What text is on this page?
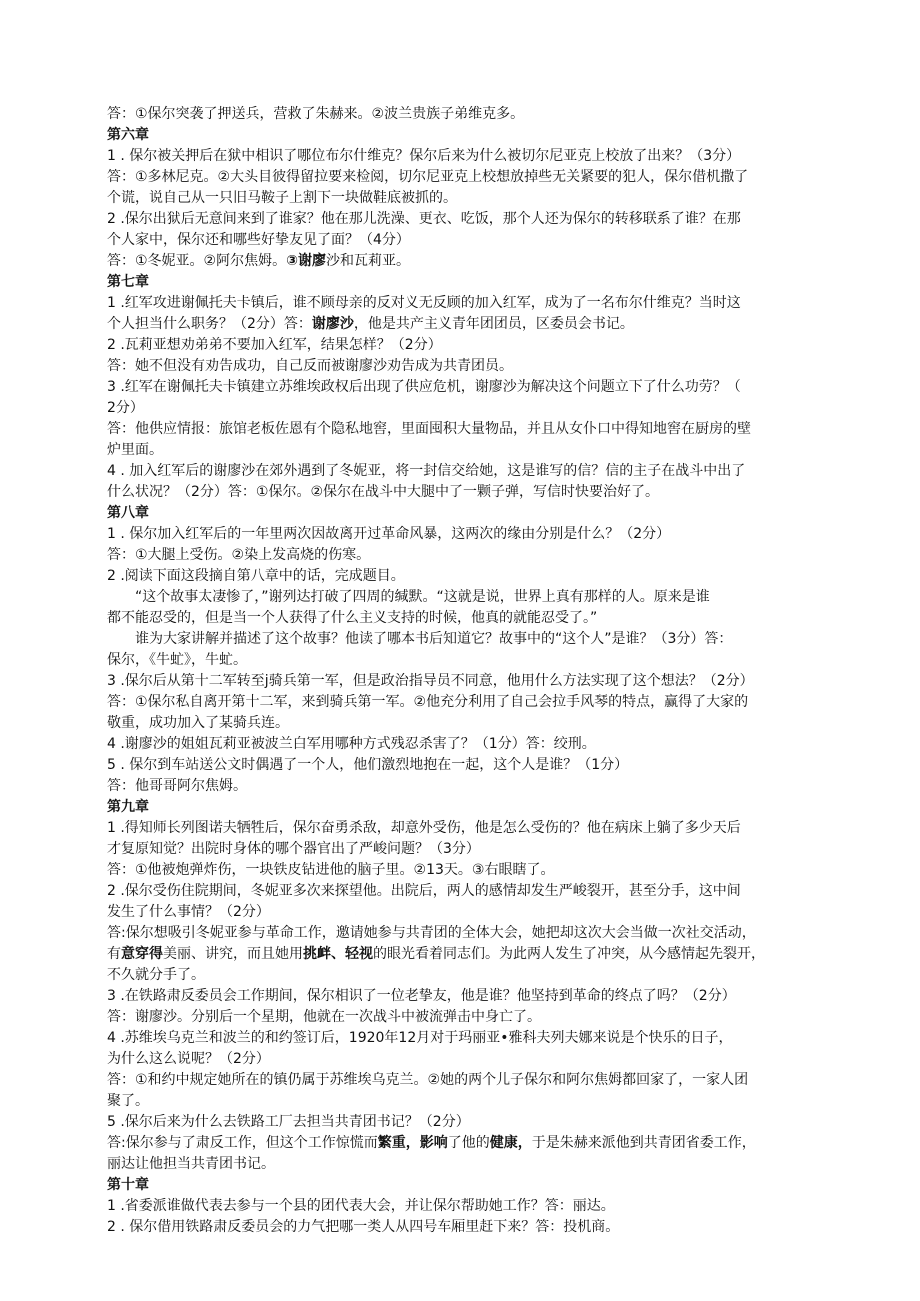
答：①保尔突袭了押送兵，营救了朱赫来。②波兰贵族子弟维克多。
第六章
1 . 保尔被关押后在狱中相识了哪位布尔什维克？保尔后来为什么被切尔尼亚克上校放了出来？（3分）
答：①多林尼克。②大头目彼得留拉要来检阅，切尔尼亚克上校想放掉些无关紧要的犯人，保尔借机撒了
个谎，说自己从一只旧马鞍子上割下一块做鞋底被抓的。
2 .保尔出狱后无意间来到了谁家？他在那儿洗澡、更衣、吃饭，那个人还为保尔的转移联系了谁？在那
个人家中，保尔还和哪些好挚友见了面？（4分）
答：①冬妮亚。②阿尔焦姆。③谢廖沙和瓦莉亚。
第七章
1 .红军攻进谢佩托夫卡镇后，谁不顾母亲的反对义无反顾的加入红军，成为了一名布尔什维克？当时这
个人担当什么职务？（2分）答：谢廖沙，他是共产主义青年团团员，区委员会书记。
2 .瓦莉亚想劝弟弟不要加入红军，结果怎样？（2分）
答：她不但没有劝告成功，自己反而被谢廖沙劝告成为共青团员。
3 .红军在谢佩托夫卡镇建立苏维埃政权后出现了供应危机，谢廖沙为解决这个问题立下了什么功劳？（
2分）
答：他供应情报：旅馆老板佐恩有个隐私地窖，里面囤积大量物品，并且从女仆口中得知地窖在厨房的壁
炉里面。
4 . 加入红军后的谢廖沙在郊外遇到了冬妮亚，将一封信交给她，这是谁写的信？信的主子在战斗中出了
什么状况？（2分）答：①保尔。②保尔在战斗中大腿中了一颗子弹，写信时快要治好了。
第八章
1 . 保尔加入红军后的一年里两次因故离开过革命风暴，这两次的缘由分别是什么？（2分）
答：①大腿上受伤。②染上发高烧的伤寒。
2 .阅读下面这段摘自第八章中的话，完成题目。
“这个故事太凄惨了，”谢列达打破了四周的缄默。“这就是说，世界上真有那样的人。原来是谁
都不能忍受的，但是当一个人获得了什么主义支持的时候，他真的就能忍受了。”
谁为大家讲解并描述了这个故事？他读了哪本书后知道它？故事中的“这个人”是谁？（3分）答：
保尔，《牛虻》，牛虻。
3 .保尔后从第十二军转至j骑兵第一军，但是政治指导员不同意，他用什么方法实现了这个想法？（2分）
答：①保尔私自离开第十二军，来到骑兵第一军。②他充分利用了自己会拉手风琴的特点，赢得了大家的
敬重，成功加入了某骑兵连。
4 .谢廖沙的姐姐瓦莉亚被波兰白军用哪种方式残忍杀害了？（1分）答：绞刑。
5 . 保尔到车站送公文时偶遇了一个人，他们激烈地抱在一起，这个人是谁？（1分）
答：他哥哥阿尔焦姆。
第九章
1 .得知师长列图诺夫牺牲后，保尔奋勇杀敌，却意外受伤，他是怎么受伤的？他在病床上躺了多少天后
才复原知觉？出院时身体的哪个器官出了严峻问题？（3分）
答：①他被炮弹炸伤，一块铁皮钻进他的脑子里。②13天。③右眼瞎了。
2 .保尔受伤住院期间，冬妮亚多次来探望他。出院后，两人的感情却发生严峻裂开，甚至分手，这中间
发生了什么事情？（2分）
答:保尔想吸引冬妮亚参与革命工作，邀请她参与共青团的全体大会，她把却这次大会当做一次社交活动，
有意穿得美丽、讲究，而且她用挑衅、轻视的眼光看着同志们。为此两人发生了冲突，从今感情起先裂开，
不久就分手了。
3 .在铁路肃反委员会工作期间，保尔相识了一位老挚友，他是谁？他坚持到革命的终点了吗？（2分）
答：谢廖沙。分别后一个星期，他就在一次战斗中被流弹击中身亡了。
4 .苏维埃乌克兰和波兰的和约签订后，1920年12月对于玛丽亚•雅科夫列夫娜来说是个快乐的日子，
为什么这么说呢？（2分）
答：①和约中规定她所在的镇仍属于苏维埃乌克兰。②她的两个儿子保尔和阿尔焦姆都回家了，一家人团
聚了。
5 .保尔后来为什么去铁路工厂去担当共青团书记？（2分）
答:保尔参与了肃反工作，但这个工作惊慌而繁重，影响了他的健康，于是朱赫来派他到共青团省委工作，
丽达让他担当共青团书记。
第十章
1 .省委派谁做代表去参与一个县的团代表大会，并让保尔帮助她工作？答：丽达。
2 . 保尔借用铁路肃反委员会的力气把哪一类人从四号车厢里赶下来？答：投机商。
